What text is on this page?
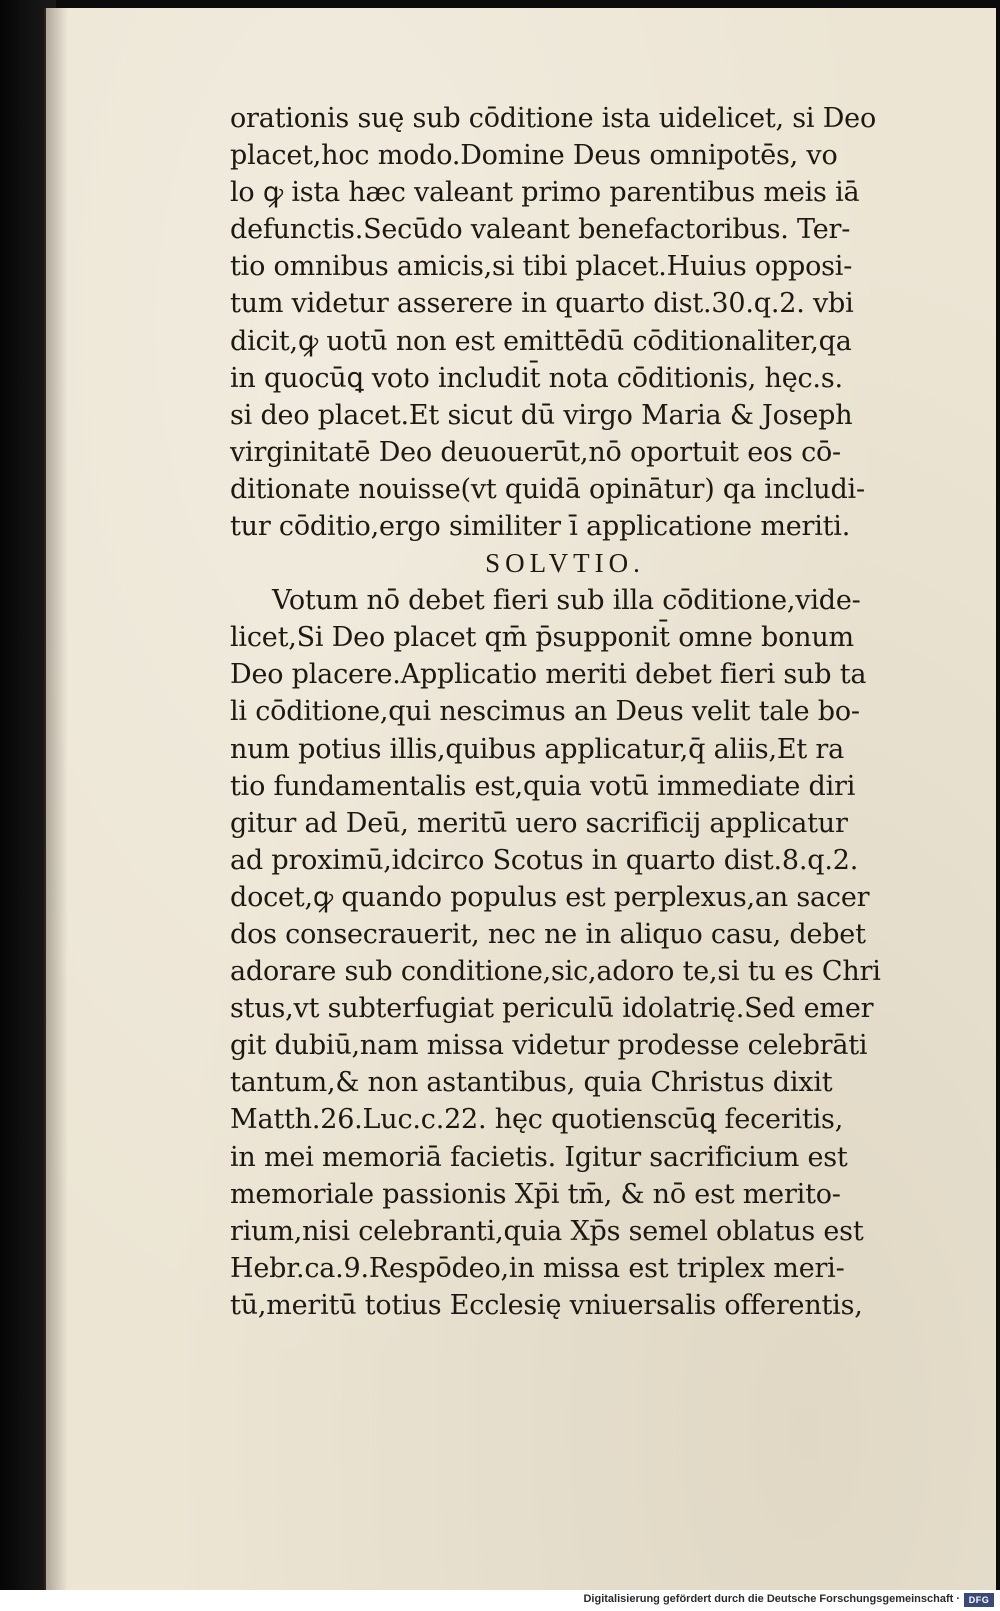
orationis suę sub cōditione ista uidelicet, si Deo
placet,hoc modo.Domine Deus omnipotēs, vo
lo ꝙ ista hæc valeant primo parentibus meis iā
defunctis.Secūdo valeant benefactoribus. Ter-
tio omnibus amicis,si tibi placet.Huius opposi-
tum videtur asserere in quarto dist.30.q.2. vbi
dicit,ꝙ uotū non est emittēdū cōditionaliter,qa
in quocūꝗ voto includit̄ nota cōditionis, hęc.s.
si deo placet.Et sicut dū virgo Maria & Joseph
virginitatē Deo deuouerūt,nō oportuit eos cō-
ditionate nouisse(vt quidā opinātur) qa includi-
tur cōditio,ergo similiter ī applicatione meriti.
SOLVTIO.
Votum nō debet fieri sub illa cōditione,vide-
licet,Si Deo placet qm̄ p̄supponit̄ omne bonum
Deo placere.Applicatio meriti debet fieri sub ta
li cōditione,qui nescimus an Deus velit tale bo-
num potius illis,quibus applicatur,q̄ aliis,Et ra
tio fundamentalis est,quia votū immediate diri
gitur ad Deū, meritū uero sacrificij applicatur
ad proximū,idcirco Scotus in quarto dist.8.q.2.
docet,ꝙ quando populus est perplexus,an sacer
dos consecrauerit, nec ne in aliquo casu, debet
adorare sub conditione,sic,adoro te,si tu es Chri
stus,vt subterfugiat periculū idolatrię.Sed emer
git dubiū,nam missa videtur prodesse celebrāti
tantum,& non astantibus, quia Christus dixit
Matth.26.Luc.c.22. hęc quotienscūꝗ feceritis,
in mei memoriā facietis. Igitur sacrificium est
memoriale passionis Xp̄i tm̄, & nō est merito-
rium,nisi celebranti,quia Xp̄s semel oblatus est
Hebr.ca.9.Respōdeo,in missa est triplex meri-
tū,meritū totius Ecclesię vniuersalis offerentis,
Digitalisierung gefördert durch die Deutsche Forschungsgemeinschaft · DFG
